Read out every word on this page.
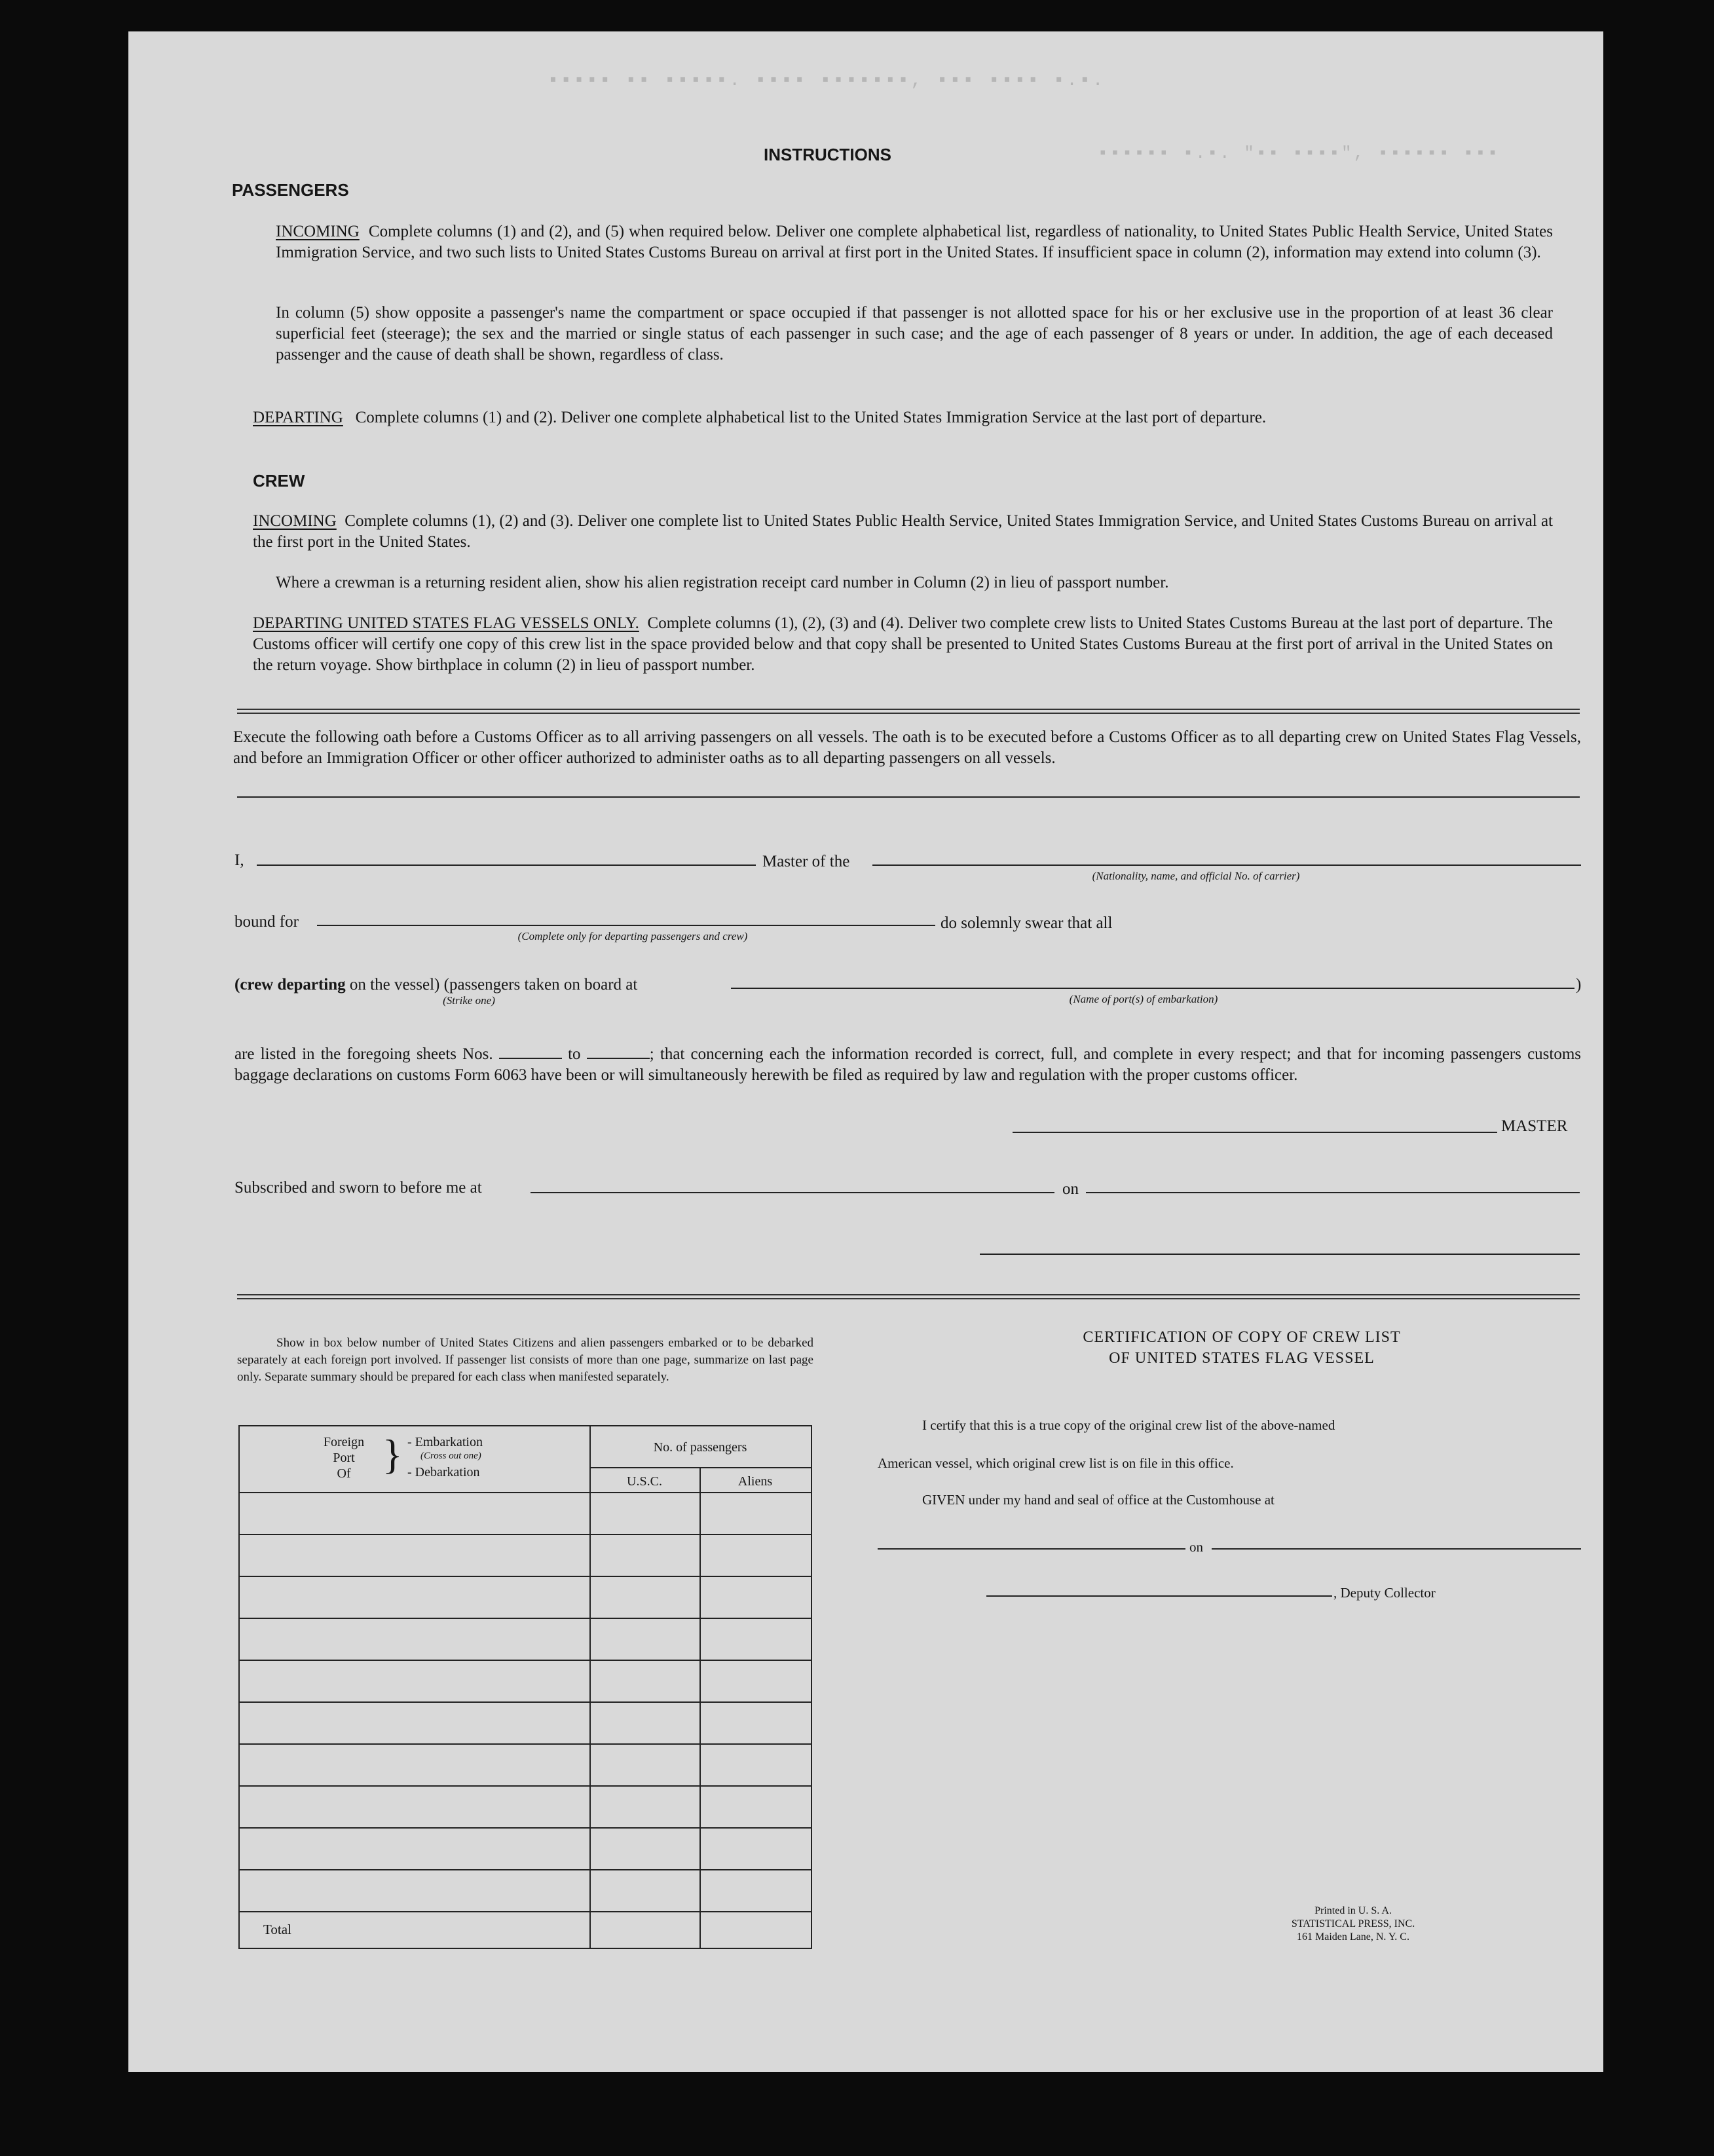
▪▪▪▪▪ ▪▪ ▪▪▪▪▪. ▪▪▪▪ ▪▪▪▪▪▪▪, ▪▪▪ ▪▪▪▪ ▪.▪.
▪▪▪▪▪▪ ▪.▪. "▪▪ ▪▪▪▪", ▪▪▪▪▪▪ ▪▪▪
INSTRUCTIONS
PASSENGERS
INCOMING Complete columns (1) and (2), and (5) when required below. Deliver one complete alphabetical list, regardless of nationality, to United States Public Health Service, United States Immigration Service, and two such lists to United States Customs Bureau on arrival at first port in the United States. If insufficient space in column (2), information may extend into column (3).
In column (5) show opposite a passenger's name the compartment or space occupied if that passenger is not allotted space for his or her exclusive use in the proportion of at least 36 clear superficial feet (steerage); the sex and the married or single status of each passenger in such case; and the age of each passenger of 8 years or under. In addition, the age of each deceased passenger and the cause of death shall be shown, regardless of class.
DEPARTING Complete columns (1) and (2). Deliver one complete alphabetical list to the United States Immigration Service at the last port of departure.
CREW
INCOMING Complete columns (1), (2) and (3). Deliver one complete list to United States Public Health Service, United States Immigration Service, and United States Customs Bureau on arrival at the first port in the United States.
Where a crewman is a returning resident alien, show his alien registration receipt card number in Column (2) in lieu of passport number.
DEPARTING UNITED STATES FLAG VESSELS ONLY. Complete columns (1), (2), (3) and (4). Deliver two complete crew lists to United States Customs Bureau at the last port of departure. The Customs officer will certify one copy of this crew list in the space provided below and that copy shall be presented to United States Customs Bureau at the first port of arrival in the United States on the return voyage. Show birthplace in column (2) in lieu of passport number.
Execute the following oath before a Customs Officer as to all arriving passengers on all vessels. The oath is to be executed before a Customs Officer as to all departing crew on United States Flag Vessels, and before an Immigration Officer or other officer authorized to administer oaths as to all departing passengers on all vessels.
I,	Master of the
(Nationality, name, and official No. of carrier)
bound for
(Complete only for departing passengers and crew)
do solemnly swear that all
(crew departing on the vessel) (passengers taken on board at
(Strike one)
)
(Name of port(s) of embarkation)
are listed in the foregoing sheets Nos.	to	; that concerning each the information recorded is correct, full, and complete in every respect; and that for incoming passengers customs baggage declarations on customs Form 6063 have been or will simultaneously herewith be filed as required by law and regulation with the proper customs officer.
MASTER
Subscribed and sworn to before me at	on
Show in box below number of United States Citizens and alien passengers embarked or to be debarked separately at each foreign port involved. If passenger list consists of more than one page, summarize on last page only. Separate summary should be prepared for each class when manifested separately.
Foreign
Port
Of } - Embarkation
(Cross out one)
- Debarkation
No. of passengers
U.S.C.	Aliens
Total
CERTIFICATION OF COPY OF CREW LIST
OF UNITED STATES FLAG VESSEL
I certify that this is a true copy of the original crew list of the above-named
American vessel, which original crew list is on file in this office.
GIVEN under my hand and seal of office at the Customhouse at
on
, Deputy Collector
Printed in U. S. A.
STATISTICAL PRESS, INC.
161 Maiden Lane, N. Y. C.
